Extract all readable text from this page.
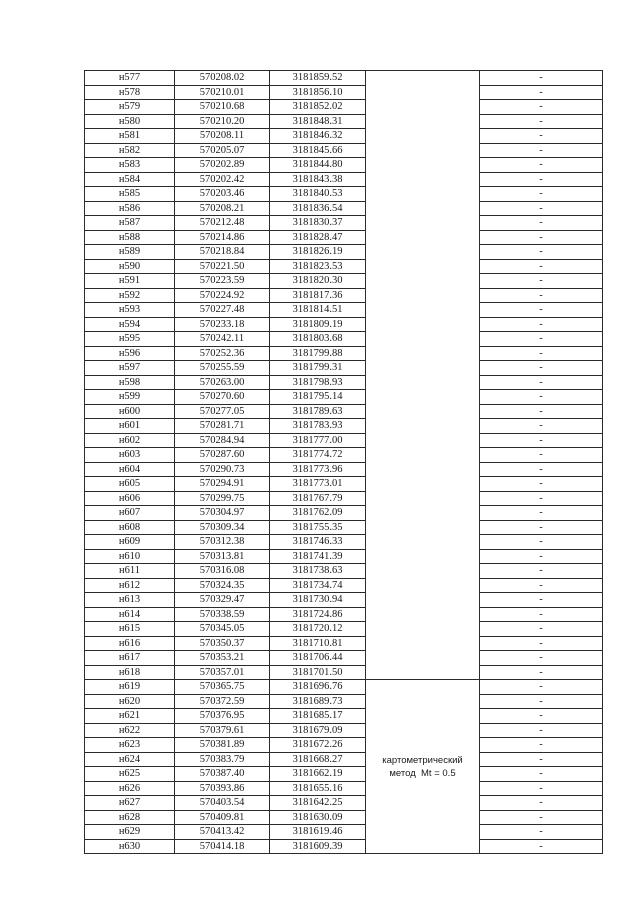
н577	570208.02	3181859.52		-
н578	570210.01	3181856.10		-
н579	570210.68	3181852.02		-
н580	570210.20	3181848.31		-
н581	570208.11	3181846.32		-
н582	570205.07	3181845.66		-
н583	570202.89	3181844.80		-
н584	570202.42	3181843.38		-
н585	570203.46	3181840.53		-
н586	570208.21	3181836.54		-
н587	570212.48	3181830.37		-
н588	570214.86	3181828.47		-
н589	570218.84	3181826.19		-
н590	570221.50	3181823.53		-
н591	570223.59	3181820.30		-
н592	570224.92	3181817.36		-
н593	570227.48	3181814.51		-
н594	570233.18	3181809.19		-
н595	570242.11	3181803.68		-
н596	570252.36	3181799.88		-
н597	570255.59	3181799.31		-
н598	570263.00	3181798.93		-
н599	570270.60	3181795.14		-
н600	570277.05	3181789.63		-
н601	570281.71	3181783.93		-
н602	570284.94	3181777.00		-
н603	570287.60	3181774.72		-
н604	570290.73	3181773.96		-
н605	570294.91	3181773.01		-
н606	570299.75	3181767.79		-
н607	570304.97	3181762.09		-
н608	570309.34	3181755.35		-
н609	570312.38	3181746.33		-
н610	570313.81	3181741.39		-
н611	570316.08	3181738.63		-
н612	570324.35	3181734.74		-
н613	570329.47	3181730.94		-
н614	570338.59	3181724.86		-
н615	570345.05	3181720.12		-
н616	570350.37	3181710.81		-
н617	570353.21	3181706.44		-
н618	570357.01	3181701.50		-
н619	570365.75	3181696.76	картометрический
метод  Mt = 0.5	-
н620	570372.59	3181689.73		-
н621	570376.95	3181685.17		-
н622	570379.61	3181679.09		-
н623	570381.89	3181672.26		-
н624	570383.79	3181668.27		-
н625	570387.40	3181662.19		-
н626	570393.86	3181655.16		-
н627	570403.54	3181642.25		-
н628	570409.81	3181630.09		-
н629	570413.42	3181619.46		-
н630	570414.18	3181609.39		-
